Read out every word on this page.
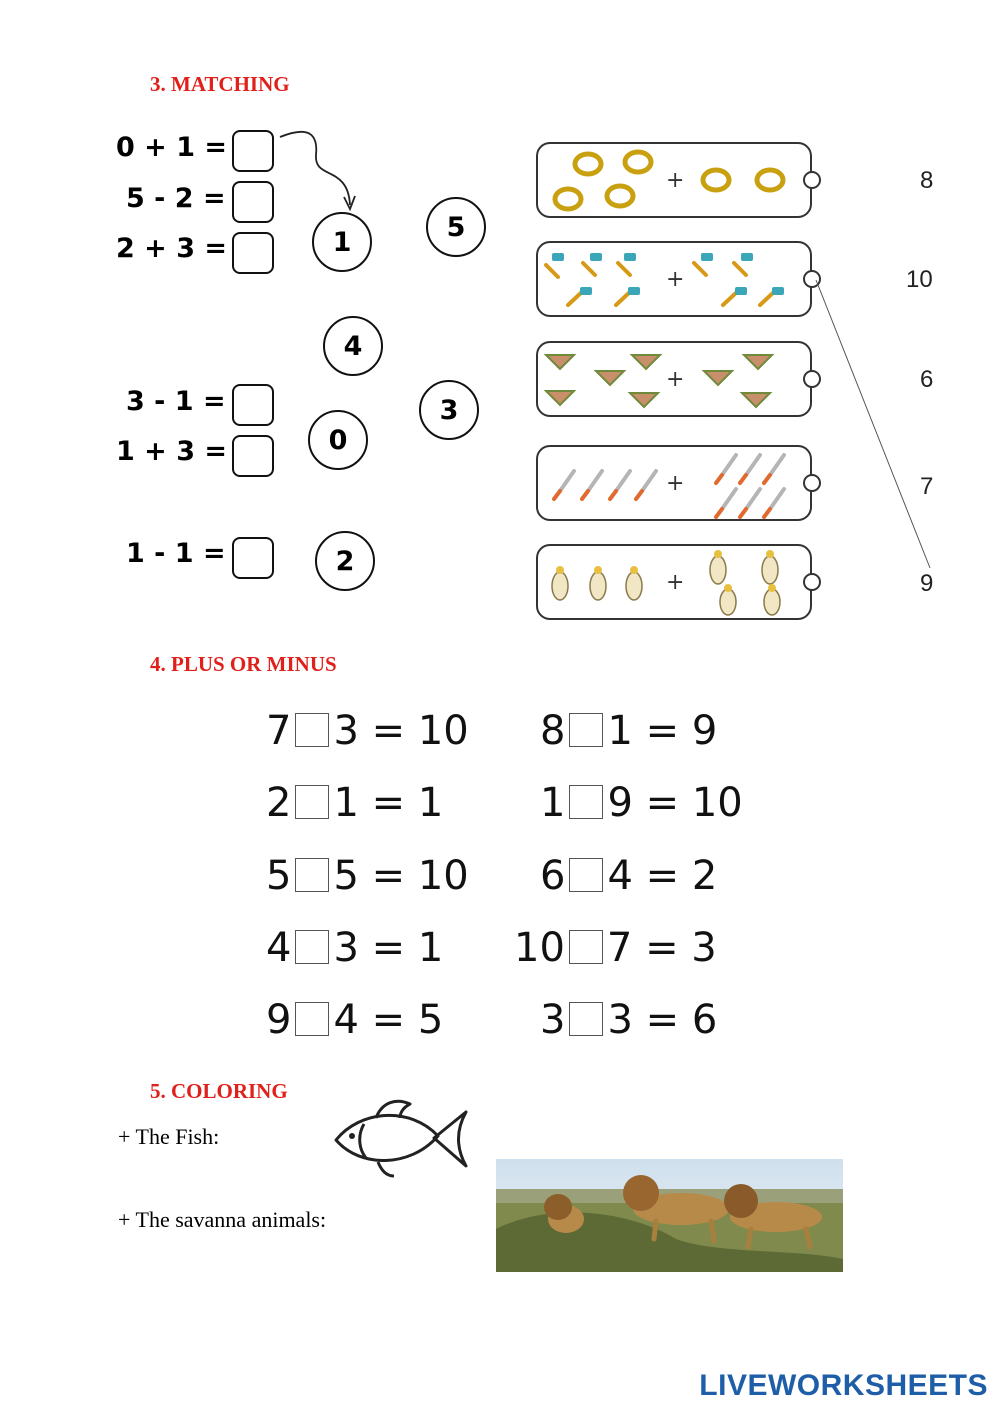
3. MATCHING
0 + 1 =
5 - 2 =
2 + 3 =
3 - 1 =
1 + 3 =
1 - 1 =
1	5
4
3
0
2
+
+
+
+
+
8
10
6
7
9
4. PLUS OR MINUS
7 3 = 10 8 1 = 9
2 1 = 1 1 9 = 10
5 5 = 10 6 4 = 2
4 3 = 1 10 7 = 3
9 4 = 5 3 3 = 6
5. COLORING
+ The Fish:
+ The savanna animals:
LIVEWORKSHEETS
